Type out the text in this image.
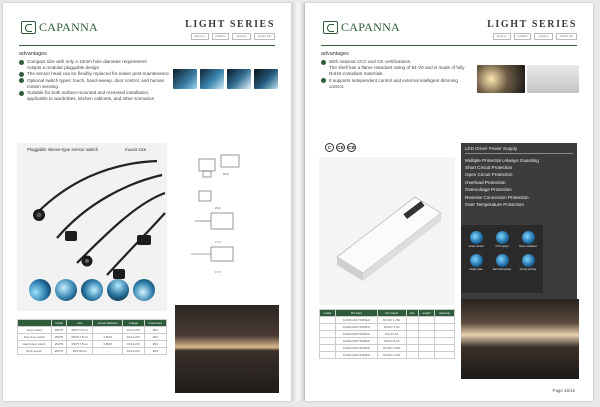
CAPANNA	LIGHT SERIES
about us	products	solutions	contact info
advantages
Compact size with only a 10mm hole diameter requirement
Adopts a modular pluggable design
The sensor head can be flexibly replaced for easier post-maintenance
Optional switch types: touch, hand-sweep, door control, and human motion sensing
Suitable for both surface-mounted and recessed installation, applicable to wardrobes, kitchen cabinets, and other scenarios
Pluggable sleeve-type sensor switch	mount size
Ø10
Ø12
17.5
17.5
	model	size	sensor distance	voltage	mount size
Touch switch	Ø10*R	Ø10*17.5mm	-	DC12-24V	Ø10
Door door switch	Ø10*R	Ø10*17.5mm	0-8CM	DC12-24V	Ø10
Hand wave switch	Ø10*R	Ø10*17.5mm	0-8CM	DC12-24V	Ø10
Body sensor	Ø10*R	Ø10*26mm	-	DC12-24V	Ø10
CAPANNA	LIGHT SERIES
about us	products	solutions	contact info
advantages
With national CCC and CE certifications.
The shell has a flame retardant rating of 94-V0 and is made of fully RoHS-compliant materials.
It supports independent control and external intelligent dimming control.
C	CE CB	LED Driver Power Supply
Multiple Protection,Always Guarding
Short Circuit Protection
Open Circuit Protection
Overload Protection
Overvoltage Protection
Reverse Connection Protection
Over Temperature Protection
smart control	CTV output	flame retardant
sturdy case	fast rated power	sturdy security
model	DC input	DC output	size	weight	warranty
	AC200-240V 50/60Hz	DC12V 1.25A			
	AC200-240V 50/60Hz	DC12V 2.5A			
	AC200-240V 50/60Hz	DC12V 5A			
	AC200-240V 50/60Hz	DC12V 8.3A			
	AC200-240V 50/60Hz	DC24V 0.63A			
	AC200-240V 50/60Hz	DC24V 1.25A			
Page 15/16
